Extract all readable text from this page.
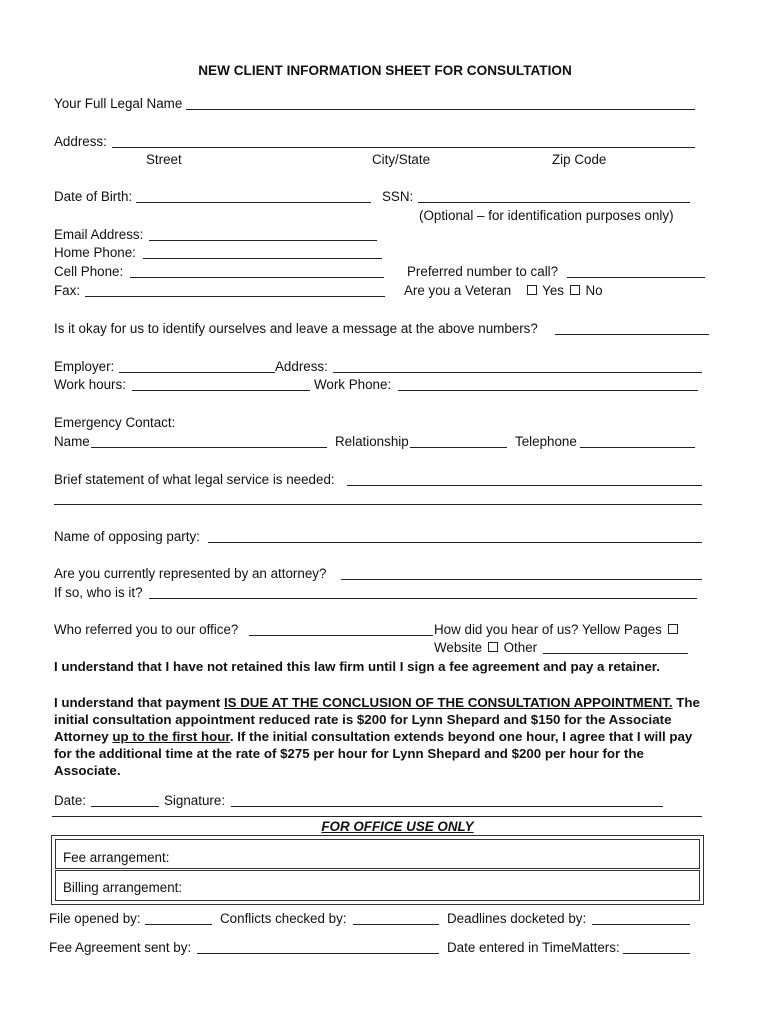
NEW CLIENT INFORMATION SHEET FOR CONSULTATION
Your Full Legal Name
Address:
Street	City/State	Zip Code
Date of Birth:	SSN:
(Optional – for identification purposes only)
Email Address:
Home Phone:
Cell Phone:	Preferred number to call?
Fax:	Are you a Veteran Yes No
Is it okay for us to identify ourselves and leave a message at the above numbers?
Employer:	Address:
Work hours:	Work Phone:
Emergency Contact:
Name	Relationship	Telephone
Brief statement of what legal service is needed:
Name of opposing party:
Are you currently represented by an attorney?
If so, who is it?
Who referred you to our office?	How did you hear of us? Yellow Pages
Website Other
I understand that I have not retained this law firm until I sign a fee agreement and pay a retainer.
I understand that payment IS DUE AT THE CONCLUSION OF THE CONSULTATION APPOINTMENT. The initial consultation appointment reduced rate is $200 for Lynn Shepard and $150 for the Associate Attorney up to the first hour. If the initial consultation extends beyond one hour, I agree that I will pay for the additional time at the rate of $275 per hour for Lynn Shepard and $200 per hour for the Associate.
Date:	Signature:
FOR OFFICE USE ONLY
Fee arrangement:
Billing arrangement:
File opened by:	Conflicts checked by:	Deadlines docketed by:
Fee Agreement sent by:	Date entered in TimeMatters:
